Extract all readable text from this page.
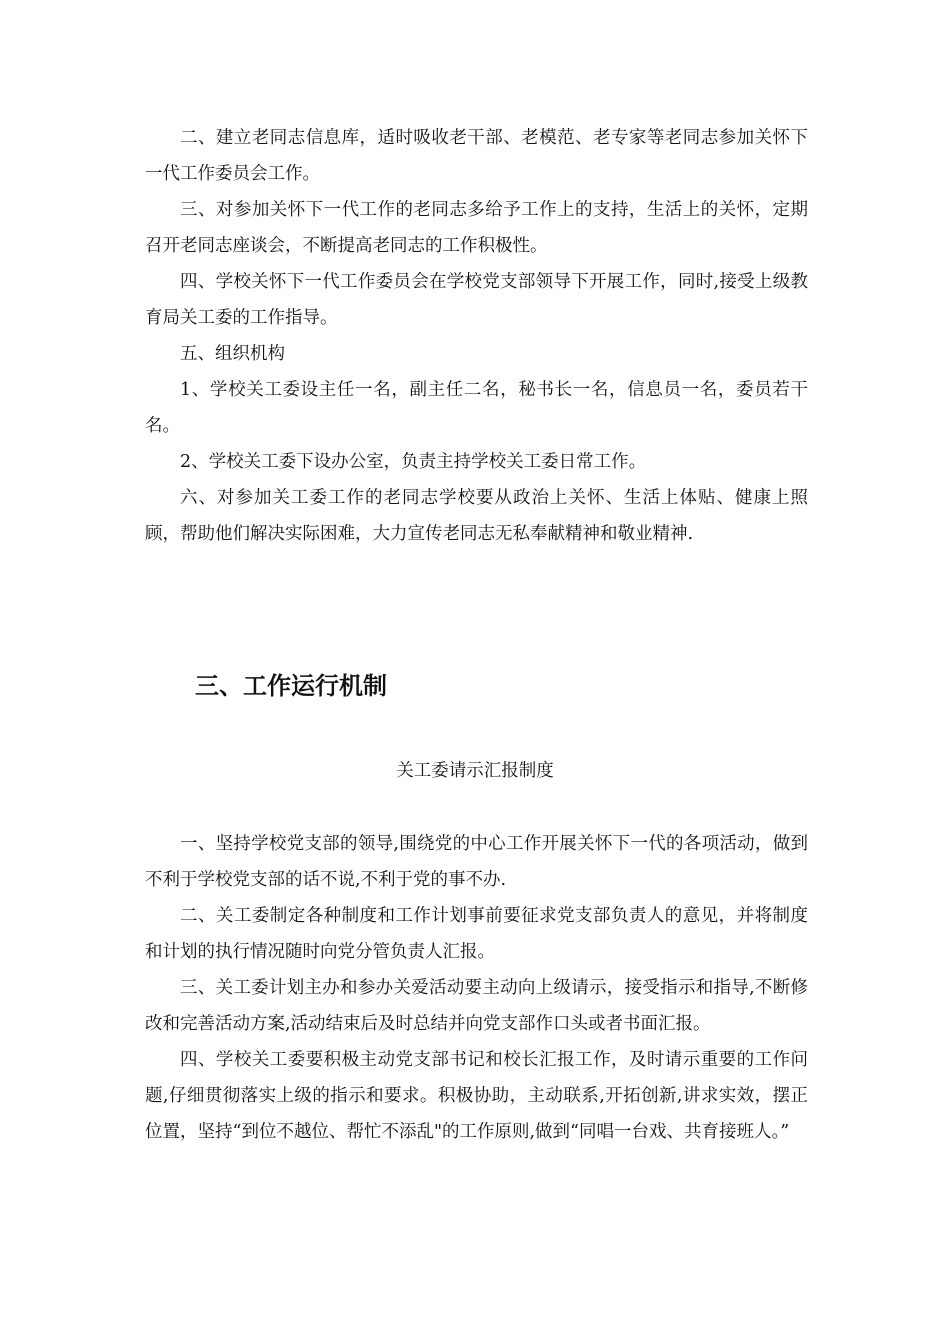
二、建立老同志信息库，适时吸收老干部、老模范、老专家等老同志参加关怀下一代工作委员会工作。

三、对参加关怀下一代工作的老同志多给予工作上的支持，生活上的关怀，定期召开老同志座谈会，不断提高老同志的工作积极性。

四、学校关怀下一代工作委员会在学校党支部领导下开展工作，同时,接受上级教育局关工委的工作指导。

五、组织机构

1、学校关工委设主任一名，副主任二名，秘书长一名，信息员一名，委员若干名。

2、学校关工委下设办公室，负责主持学校关工委日常工作。

六、对参加关工委工作的老同志学校要从政治上关怀、生活上体贴、健康上照顾，帮助他们解决实际困难，大力宣传老同志无私奉献精神和敬业精神.

三、工作运行机制

关工委请示汇报制度

一、坚持学校党支部的领导,围绕党的中心工作开展关怀下一代的各项活动，做到不利于学校党支部的话不说,不利于党的事不办.

二、关工委制定各种制度和工作计划事前要征求党支部负责人的意见，并将制度和计划的执行情况随时向党分管负责人汇报。

三、关工委计划主办和参办关爱活动要主动向上级请示，接受指示和指导,不断修改和完善活动方案,活动结束后及时总结并向党支部作口头或者书面汇报。

四、学校关工委要积极主动党支部书记和校长汇报工作，及时请示重要的工作问题,仔细贯彻落实上级的指示和要求。积极协助，主动联系,开拓创新,讲求实效，摆正位置，坚持“到位不越位、帮忙不添乱"的工作原则,做到“同唱一台戏、共育接班人。”
